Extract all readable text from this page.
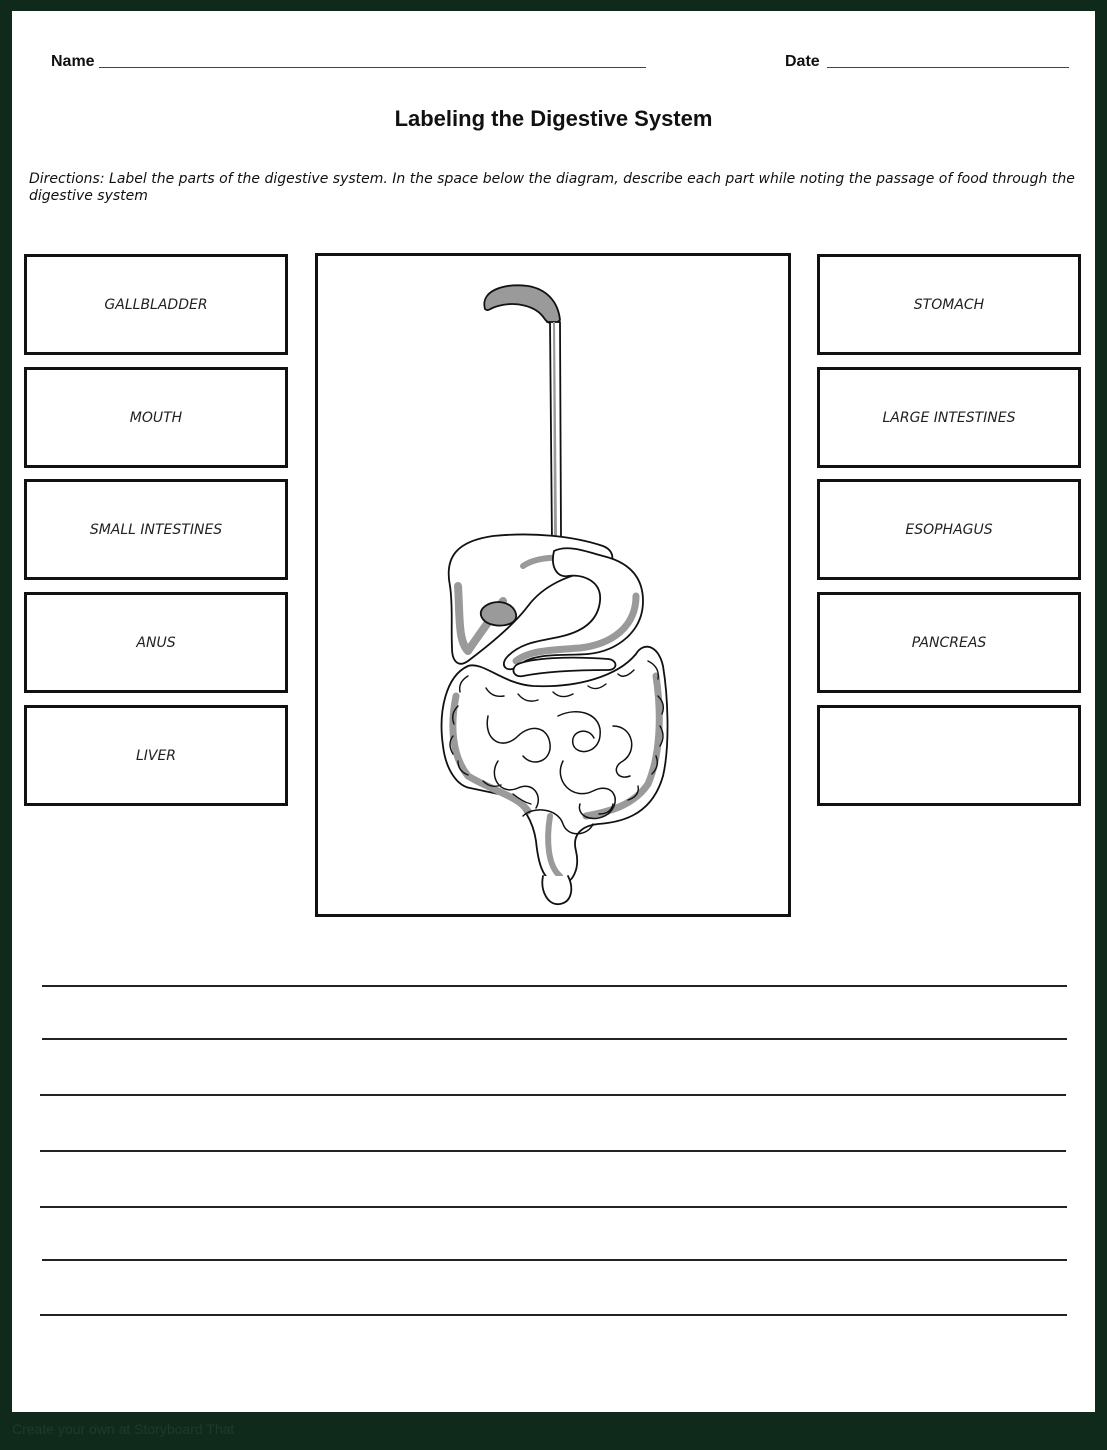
Create your own at Storyboard That
Name	Date
Labeling the Digestive System
Directions: Label the parts of the digestive system. In the space below the diagram, describe each part while noting the passage of food through the digestive system
GALLBLADDER
MOUTH
SMALL INTESTINES
ANUS
LIVER
STOMACH
LARGE INTESTINES
ESOPHAGUS
PANCREAS
